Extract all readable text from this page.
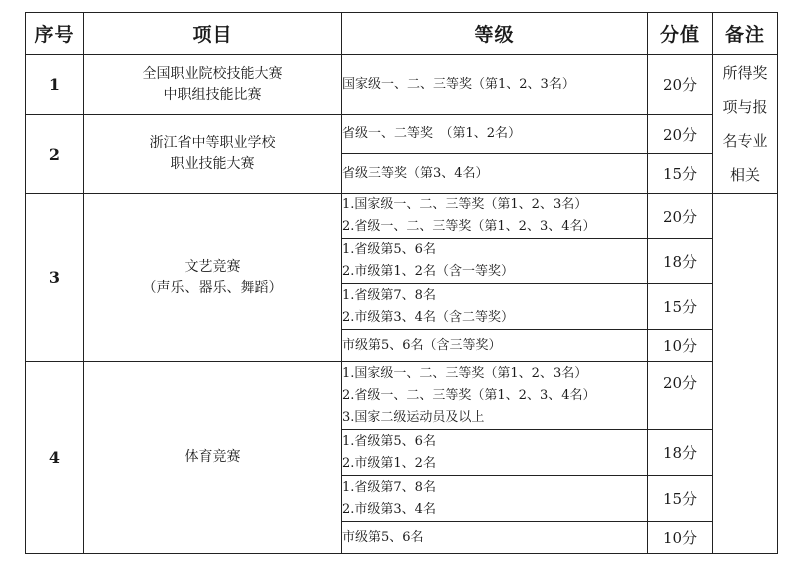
序号	项目	等级	分值	备注
1	全国职业院校技能大赛
中职组技能比赛	国家级一、二、三等奖（第1、2、3名）	20分	所得奖
项与报
名专业
相关

2	浙江省中等职业学校
职业技能大赛	省级一、二等奖　（第1、2名）	20分	

		省级三等奖（第3、4名）	15分	
3	文艺竞赛
（声乐、器乐、舞蹈）	1.国家级一、二、三等奖（第1、2、3名）
2.省级一、二、三等奖（第1、2、3、4名）	20分	

		1.省级第5、6名
2.市级第1、2名（含一等奖）	18分	

		1.省级第7、8名
2.市级第3、4名（含二等奖）	15分	

		市级第5、6名（含三等奖）	10分	
4	体育竞赛	1.国家级一、二、三等奖（第1、2、3名）
2.省级一、二、三等奖（第1、2、3、4名）
3.国家二级运动员及以上	20分	

		1.省级第5、6名
2.市级第1、2名	18分	

		1.省级第7、8名
2.市级第3、4名	15分	

		市级第5、6名	10分	
